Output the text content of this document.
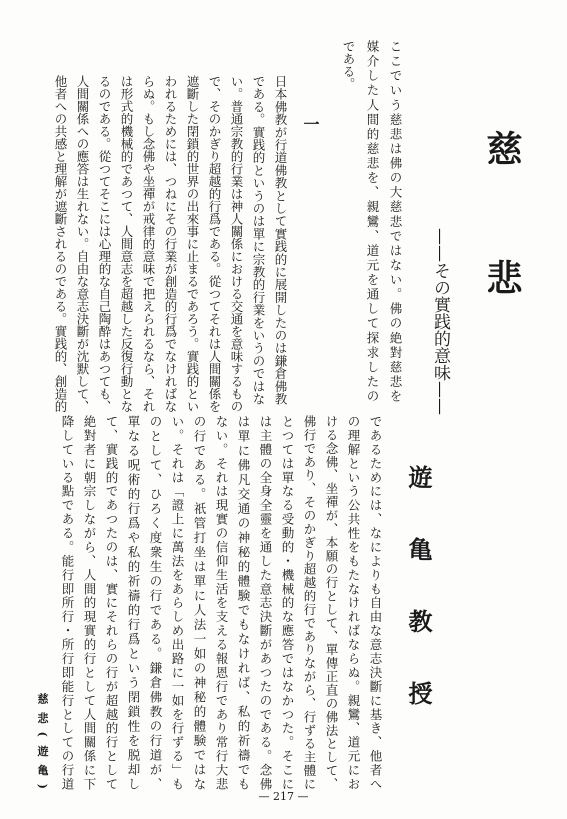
慈悲
——その實践的意味——
遊亀教授
ここでいう慈悲は佛の大慈悲ではない。佛の絶對慈悲を
媒介した人間的慈悲を、親鸞、道元を通して探求したの
である。
一
日本佛教が行道佛教として實践的に展開したのは鎌倉佛教
である。實践的というのは單に宗教的行業をいうのではな
い。普通宗教的行業は神人關係における交通を意味するもの
で、そのかぎり超越的行爲である。從つてそれは人間關係を
遮斷した閉鎖的世界の出來事に止まるであろう。實践的とい
われるためには、つねにその行業が創造的行爲でなければな
らぬ。もし念佛や坐禪が戒律的意味で把えられるなら、それ
は形式的機械的であつて、人間意志を超越した反復行動とな
るのである。從つてそこには心理的な自己陶酔はあつても、
人間關係への應答は生れない。自由な意志決斷が沈默して、
他者への共感と理解が遮斷されるのである。實践的、創造的
であるためには、なによりも自由な意志決斷に基き、他者へ
の理解という公共性をもたなければならぬ。親鸞、道元にお
ける念佛、坐禪が、本願の行として、單傳正直の佛法として、
佛行であり、そのかぎり超越的行でありながら、行ずる主體に
とつては單なる受動的・機械的な應答ではなかつた。そこに
は主體の全身全靈を通した意志決斷があつたのである。念佛
は單に佛凡交通の神秘的體験でもなければ、私的祈禱でも
ない。それは現實の信仰生活を支える報恩行であり常行大悲
の行である。祇管打坐は單に人法一如の神秘的體験ではな
い。それは「證上に萬法をあらしめ出路に一如を行ずる」も
のとして、ひろく度衆生の行である。鎌倉佛教の行道が、
單なる呪術的行爲や私的祈禱的行爲という閉鎖性を脱却し
て、實践的であつたのは、實にそれらの行が超越的行として
絶對者に朝宗しながら、人間的現實的行として人間關係に下
降している點である。能行即所行・所行即能行としての行道
慈悲(遊亀)
— 217 —
